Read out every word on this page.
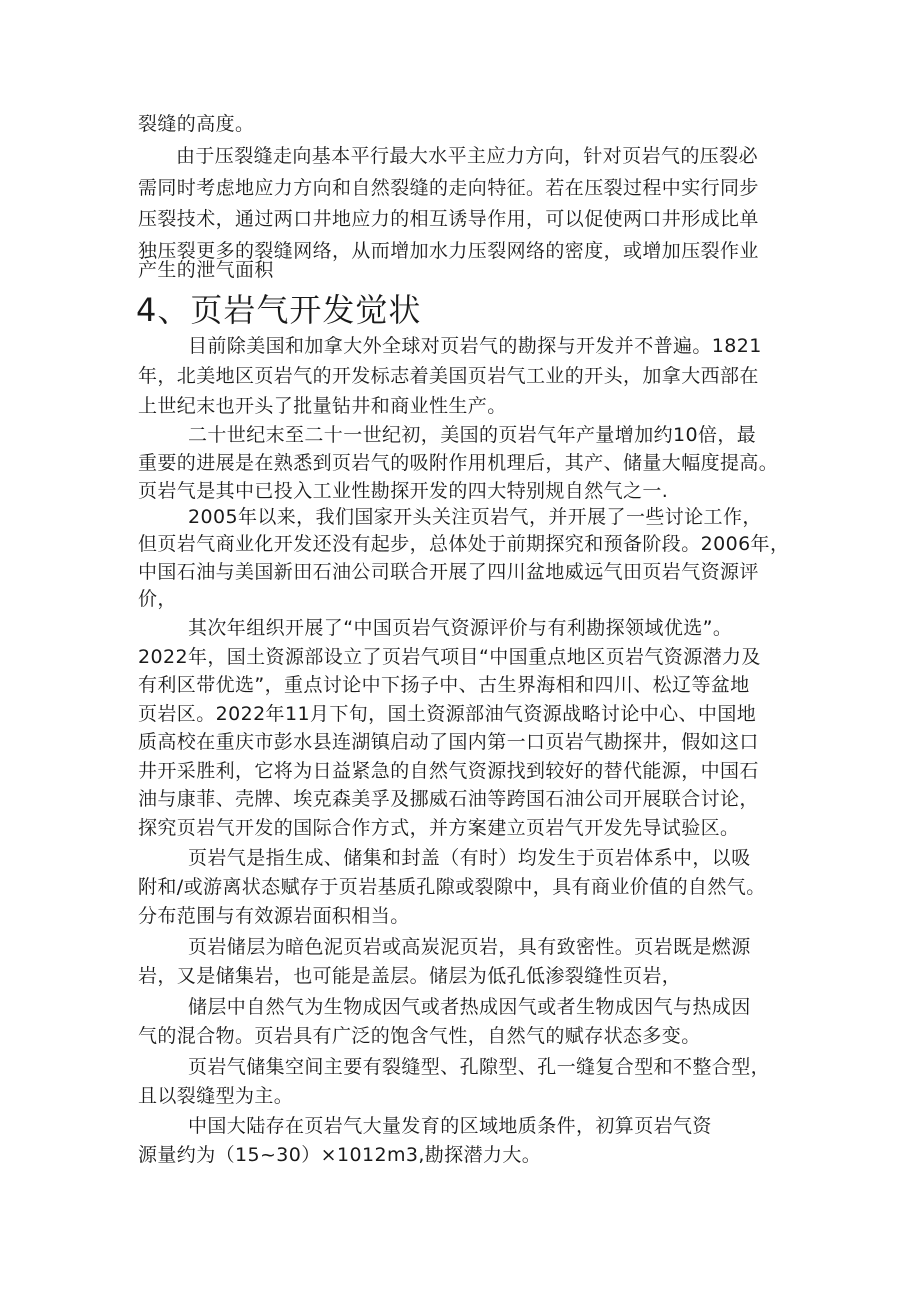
裂缝的高度。
由于压裂缝走向基本平行最大水平主应力方向，针对页岩气的压裂必
需同时考虑地应力方向和自然裂缝的走向特征。若在压裂过程中实行同步
压裂技术，通过两口井地应力的相互诱导作用，可以促使两口井形成比单
独压裂更多的裂缝网络，从而增加水力压裂网络的密度，或增加压裂作业
产生的泄气面积
4、页岩气开发觉状
目前除美国和加拿大外全球对页岩气的勘探与开发并不普遍。1821
年，北美地区页岩气的开发标志着美国页岩气工业的开头，加拿大西部在
上世纪末也开头了批量钻井和商业性生产。
二十世纪末至二十一世纪初，美国的页岩气年产量增加约10倍，最
重要的进展是在熟悉到页岩气的吸附作用机理后，其产、储量大幅度提高。
页岩气是其中已投入工业性勘探开发的四大特别规自然气之一.
2005年以来，我们国家开头关注页岩气，并开展了一些讨论工作，
但页岩气商业化开发还没有起步，总体处于前期探究和预备阶段。2006年，
中国石油与美国新田石油公司联合开展了四川盆地威远气田页岩气资源评
价，
其次年组织开展了“中国页岩气资源评价与有利勘探领域优选”。
2022年，国土资源部设立了页岩气项目“中国重点地区页岩气资源潜力及
有利区带优选”，重点讨论中下扬子中、古生界海相和四川、松辽等盆地
页岩区。2022年11月下旬，国土资源部油气资源战略讨论中心、中国地
质高校在重庆市彭水县连湖镇启动了国内第一口页岩气勘探井，假如这口
井开采胜利，它将为日益紧急的自然气资源找到较好的替代能源，中国石
油与康菲、壳牌、埃克森美孚及挪威石油等跨国石油公司开展联合讨论，
探究页岩气开发的国际合作方式，并方案建立页岩气开发先导试验区。
页岩气是指生成、储集和封盖（有时）均发生于页岩体系中，以吸
附和/或游离状态赋存于页岩基质孔隙或裂隙中，具有商业价值的自然气。
分布范围与有效源岩面积相当。
页岩储层为暗色泥页岩或高炭泥页岩，具有致密性。页岩既是燃源
岩，又是储集岩，也可能是盖层。储层为低孔低渗裂缝性页岩，
储层中自然气为生物成因气或者热成因气或者生物成因气与热成因
气的混合物。页岩具有广泛的饱含气性，自然气的赋存状态多变。
页岩气储集空间主要有裂缝型、孔隙型、孔一缝复合型和不整合型，
且以裂缝型为主。
中国大陆存在页岩气大量发育的区域地质条件，初算页岩气资
源量约为（15~30）×1012m3,勘探潜力大。
